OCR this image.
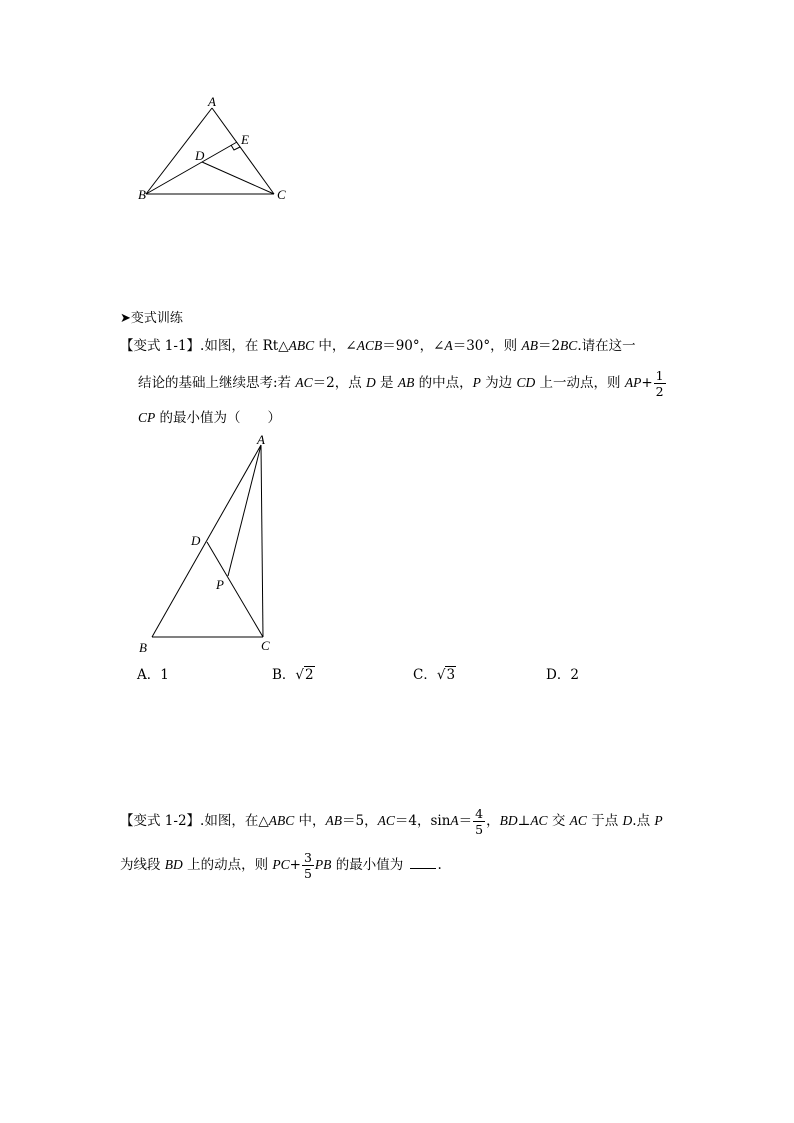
A
E
D
B	C
➤变式训练
【变式 1-1】.如图，在 Rt△ABC 中，∠ACB＝90°，∠A＝30°，则 AB＝2BC.请在这一
结论的基础上继续思考:若 AC＝2，点 D 是 AB 的中点，P 为边 CD 上一动点，则 $AP+ \frac{1}{2}$
CP 的最小值为（　　）
A
D
P
B	C
A．1	B．√2	C．√3	D．2
【变式 1-2】.如图，在△ABC 中，AB＝5，AC＝4，$\sin A= \frac{4}{5}$ ，BD⊥AC 交 AC 于点 D.点 P
为线段 BD 上的动点，则 $PC+ \frac{3}{5}$ PB 的最小值为 .
